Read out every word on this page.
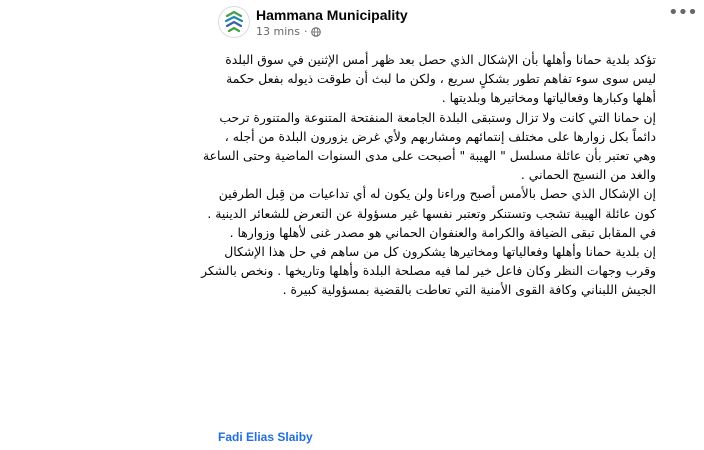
Hammana Municipality
13 mins ·
•••

تؤكد بلدية حمانا وأهلها بأن الإشكال الذي حصل بعد ظهر أمس الإثنين في سوق البلدة ليس سوى سوء تفاهم تطور بشكلٍ سريع ، ولكن ما لبث أن طوقت ذيوله بفعل حكمة أهلها وكبارها وفعالياتها ومخاتيرها وبلديتها .

إن حمانا التي كانت ولا تزال وستبقى البلدة الجامعة المنفتحة المتنوعة والمتنورة ترحب دائماً بكل زوارها على مختلف إنتمائهم ومشاربهم ولأي غرض يزورون البلدة من أجله ، وهي تعتبر بأن عائلة مسلسل " الهيبة " أصبحت على مدى السنوات الماضية وحتى الساعة والغد من النسيج الحماني .

إن الإشكال الذي حصل بالأمس أصبح وراءنا ولن يكون له أي تداعيات من قِبل الطرفين كون عائلة الهيبة تشجب وتستنكر وتعتبر نفسها غير مسؤولة عن التعرض للشعائر الدينية . في المقابل تبقى الضيافة والكرامة والعنفوان الحماني هو مصدر غنى لأهلها وزوارها .

إن بلدية حمانا وأهلها وفعالياتها ومخاتيرها يشكرون كل من ساهم في حل هذا الإشكال وقرب وجهات النظر وكان فاعل خير لما فيه مصلحة البلدة وأهلها وتاريخها . ونخص بالشكر الجيش اللبناني وكافة القوى الأمنية التي تعاطت بالقضية بمسؤولية كبيرة .

Fadi Elias Slaiby
